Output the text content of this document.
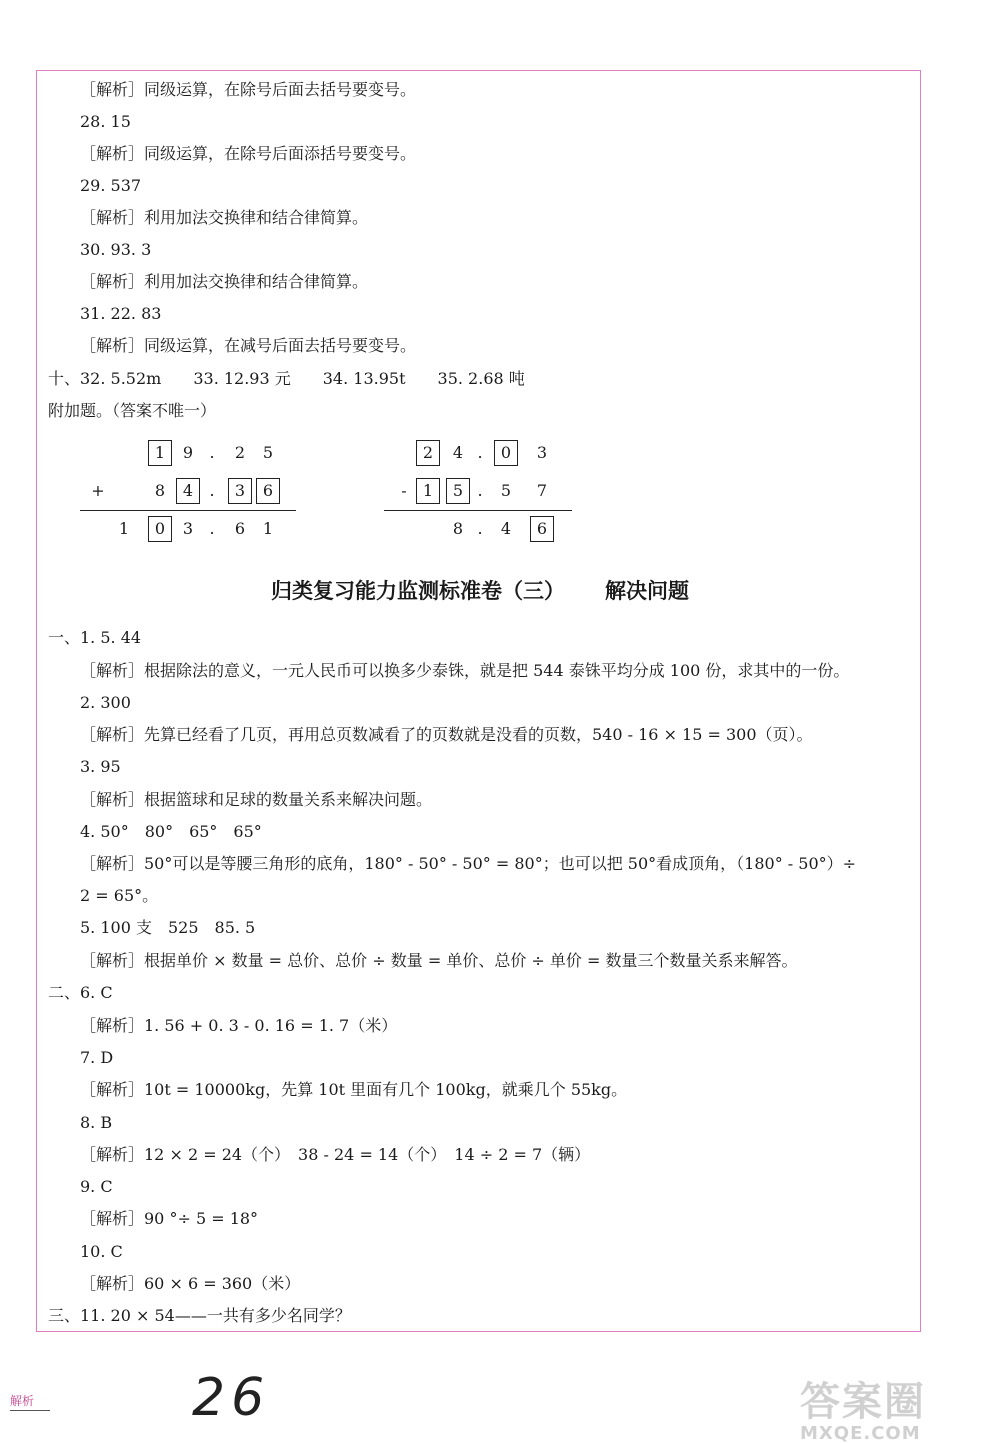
［解析］同级运算，在除号后面去括号要变号。
28. 15
［解析］同级运算，在除号后面添括号要变号。
29. 537
［解析］利用加法交换律和结合律简算。
30. 93. 3
［解析］利用加法交换律和结合律简算。
31. 22. 83
［解析］同级运算，在减号后面去括号要变号。
十、32. 5.52m　　33. 12.93 元　　34. 13.95t　　35. 2.68 吨
附加题。（答案不唯一）
1	9	.	2	5
+	8	4	.	3	6
1	0	3	.	6	1
2	4 .	0	3
-	1	5 .	5	7
8 .	4	6
归类复习能力监测标准卷（三） 解决问题
一、1. 5. 44
［解析］根据除法的意义，一元人民币可以换多少泰铢，就是把 544 泰铢平均分成 100 份，求其中的一份。
2. 300
［解析］先算已经看了几页，再用总页数减看了的页数就是没看的页数，540 - 16 × 15 = 300（页）。
3. 95
［解析］根据篮球和足球的数量关系来解决问题。
4. 50°　80°　65°　65°
［解析］50°可以是等腰三角形的底角，180° - 50° - 50° = 80°；也可以把 50°看成顶角，（180° - 50°）÷
2 = 65°。
5. 100 支　525　85. 5
［解析］根据单价 × 数量 = 总价、总价 ÷ 数量 = 单价、总价 ÷ 单价 = 数量三个数量关系来解答。
二、6. C
［解析］1. 56 + 0. 3 - 0. 16 = 1. 7（米）
7. D
［解析］10t = 10000kg，先算 10t 里面有几个 100kg，就乘几个 55kg。
8. B
［解析］12 × 2 = 24（个）　38 - 24 = 14（个）　14 ÷ 2 = 7（辆）
9. C
［解析］90 °÷ 5 = 18°
10. C
［解析］60 × 6 = 360（米）
三、11. 20 × 54——一共有多少名同学？
解析	26	答案圈
MXQE.COM
